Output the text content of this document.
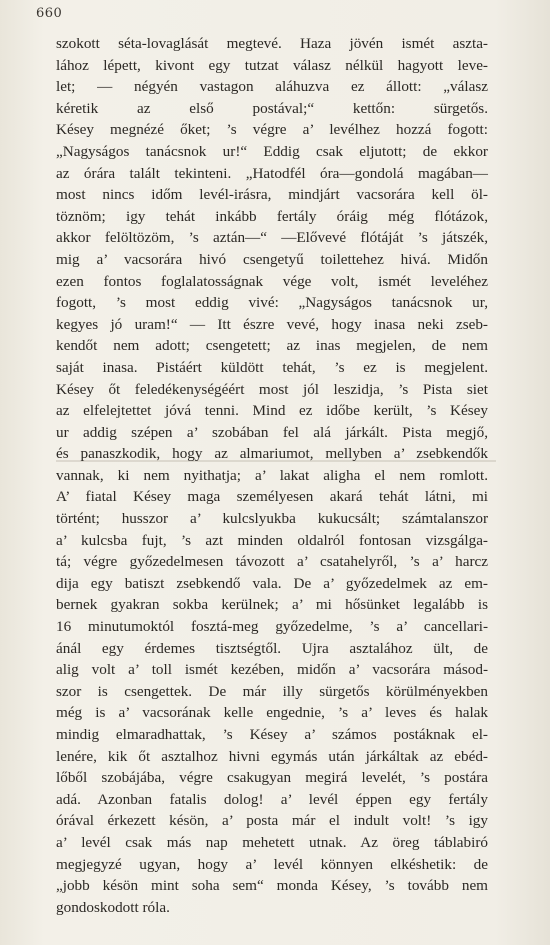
660
szokott séta-lovaglását megtevé. Haza jövén ismét aszta-
lához lépett, kivont egy tutzat válasz nélkül hagyott leve-
let; — négyén vastagon aláhuzva ez állott: „válasz
kéretik az első postával;“ kettőn: sürgetős.
Késey megnézé őket; ’s végre a’ levélhez hozzá fogott:
„Nagyságos tanácsnok ur!“ Eddig csak eljutott; de ekkor
az órára talált tekinteni. „Hatodfél óra—gondolá magában—
most nincs időm levél-irásra, mindjárt vacsorára kell öl-
töznöm; igy tehát inkább fertály óráig még flótázok,
akkor felöltözöm, ’s aztán—“ —Elővevé flótáját ’s játszék,
mig a’ vacsorára hivó csengetyű toilettehez hivá. Midőn
ezen fontos foglalatosságnak vége volt, ismét leveléhez
fogott, ’s most eddig vivé: „Nagyságos tanácsnok ur,
kegyes jó uram!“ — Itt észre vevé, hogy inasa neki zseb-
kendőt nem adott; csengetett; az inas megjelen, de nem
saját inasa. Pistáért küldött tehát, ’s ez is megjelent.
Késey őt feledékenységéért most jól leszidja, ’s Pista siet
az elfelejtettet jóvá tenni. Mind ez időbe került, ’s Késey
ur addig szépen a’ szobában fel alá járkált. Pista megjő,
és panaszkodik, hogy az almariumot, mellyben a’ zsebkendők
vannak, ki nem nyithatja; a’ lakat aligha el nem romlott.
A’ fiatal Késey maga személyesen akará tehát látni, mi
történt; husszor a’ kulcslyukba kukucsált; számtalanszor
a’ kulcsba fujt, ’s azt minden oldalról fontosan vizsgálga-
tá; végre győzedelmesen távozott a’ csatahelyről, ’s a’ harcz
dija egy batiszt zsebkendő vala. De a’ győzedelmek az em-
bernek gyakran sokba kerülnek; a’ mi hősünket legalább is
16 minutumoktól fosztá-meg győzedelme, ’s a’ cancellari-
ánál egy érdemes tisztségtől. Ujra asztalához ült, de
alig volt a’ toll ismét kezében, midőn a’ vacsorára másod-
szor is csengettek. De már illy sürgetős körülményekben
még is a’ vacsorának kelle engednie, ’s a’ leves és halak
mindig elmaradhattak, ’s Késey a’ számos postáknak el-
lenére, kik őt asztalhoz hivni egymás után járkáltak az ebéd-
lőből szobájába, végre csakugyan megirá levelét, ’s postára
adá. Azonban fatalis dolog! a’ levél éppen egy fertály
órával érkezett késön, a’ posta már el indult volt! ’s igy
a’ levél csak más nap mehetett utnak. Az öreg táblabiró
megjegyzé ugyan, hogy a’ levél könnyen elkéshetik: de
„jobb késön mint soha sem“ monda Késey, ’s tovább nem
gondoskodott róla.
